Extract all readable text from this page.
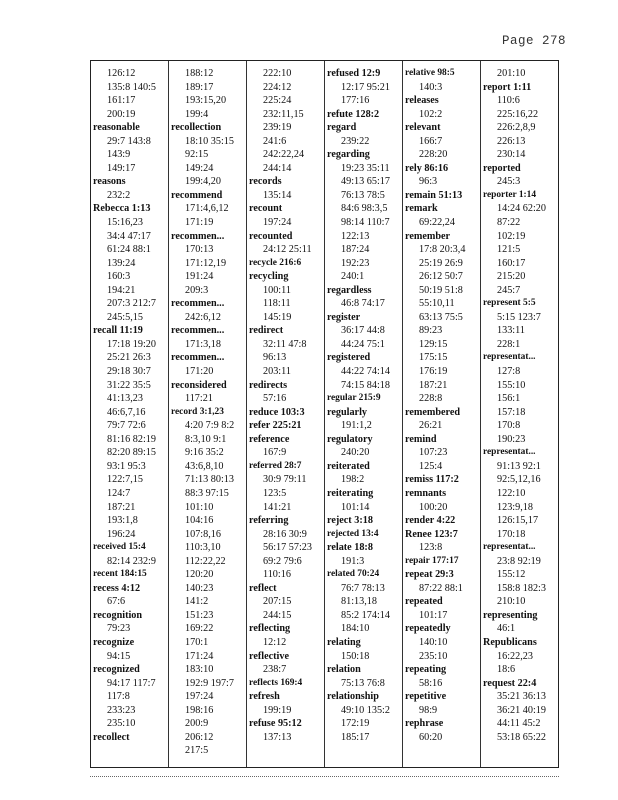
Page 278
126:12
135:8 140:5
161:17
200:19
reasonable
29:7 143:8
143:9
149:17
reasons
232:2
Rebecca 1:13
15:16,23
34:4 47:17
61:24 88:1
139:24
160:3
194:21
207:3 212:7
245:5,15
recall 11:19
17:18 19:20
25:21 26:3
29:18 30:7
31:22 35:5
41:13,23
46:6,7,16
79:7 72:6
81:16 82:19
82:20 89:15
93:1 95:3
122:7,15
124:7
187:21
193:1,8
196:24
received 15:4
82:14 232:9
recent 184:15
recess 4:12
67:6
recognition
79:23
recognize
94:15
recognized
94:17 117:7
117:8
233:23
235:10
recollect
188:12
189:17
193:15,20
199:4
recollection
18:10 35:15
92:15
149:24
199:4,20
recommend
171:4,6,12
171:19
recommen...
170:13
171:12,19
191:24
209:3
recommen...
242:6,12
recommen...
171:3,18
recommen...
171:20
reconsidered
117:21
record 3:1,23
4:20 7:9 8:2
8:3,10 9:1
9:16 35:2
43:6,8,10
71:13 80:13
88:3 97:15
101:10
104:16
107:8,16
110:3,10
112:22,22
120:20
140:23
141:2
151:23
169:22
170:1
171:24
183:10
192:9 197:7
197:24
198:16
200:9
206:12
217:5
222:10
224:12
225:24
232:11,15
239:19
241:6
242:22,24
244:14
records
135:14
recount
197:24
recounted
24:12 25:11
recycle 216:6
recycling
100:11
118:11
145:19
redirect
32:11 47:8
96:13
203:11
redirects
57:16
reduce 103:3
refer 225:21
reference
167:9
referred 28:7
30:9 79:11
123:5
141:21
referring
28:16 30:9
56:17 57:23
69:2 79:6
110:16
reflect
207:15
244:15
reflecting
12:12
reflective
238:7
reflects 169:4
refresh
199:19
refuse 95:12
137:13
refused 12:9
12:17 95:21
177:16
refute 128:2
regard
239:22
regarding
19:23 35:11
49:13 65:17
76:13 78:5
84:6 98:3,5
98:14 110:7
122:13
187:24
192:23
240:1
regardless
46:8 74:17
register
36:17 44:8
44:24 75:1
registered
44:22 74:14
74:15 84:18
regular 215:9
regularly
191:1,2
regulatory
240:20
reiterated
198:2
reiterating
101:14
reject 3:18
rejected 13:4
relate 18:8
191:3
related 70:24
76:7 78:13
81:13,18
85:2 174:14
184:10
relating
150:18
relation
75:13 76:8
relationship
49:10 135:2
172:19
185:17
relative 98:5
140:3
releases
102:2
relevant
166:7
228:20
rely 86:16
96:3
remain 51:13
remark
69:22,24
remember
17:8 20:3,4
25:19 26:9
26:12 50:7
50:19 51:8
55:10,11
63:13 75:5
89:23
129:15
175:15
176:19
187:21
228:8
remembered
26:21
remind
107:23
125:4
remiss 117:2
remnants
100:20
render 4:22
Renee 123:7
123:8
repair 177:17
repeat 29:3
87:22 88:1
repeated
101:17
repeatedly
140:10
235:10
repeating
58:16
repetitive
98:9
rephrase
60:20
201:10
report 1:11
110:6
225:16,22
226:2,8,9
226:13
230:14
reported
245:3
reporter 1:14
14:24 62:20
87:22
102:19
121:5
160:17
215:20
245:7
represent 5:5
5:15 123:7
133:11
228:1
representat...
127:8
155:10
156:1
157:18
170:8
190:23
representat...
91:13 92:1
92:5,12,16
122:10
123:9,18
126:15,17
170:18
representat...
23:8 92:19
155:12
158:8 182:3
210:10
representing
46:1
Republicans
16:22,23
18:6
request 22:4
35:21 36:13
36:21 40:19
44:11 45:2
53:18 65:22
